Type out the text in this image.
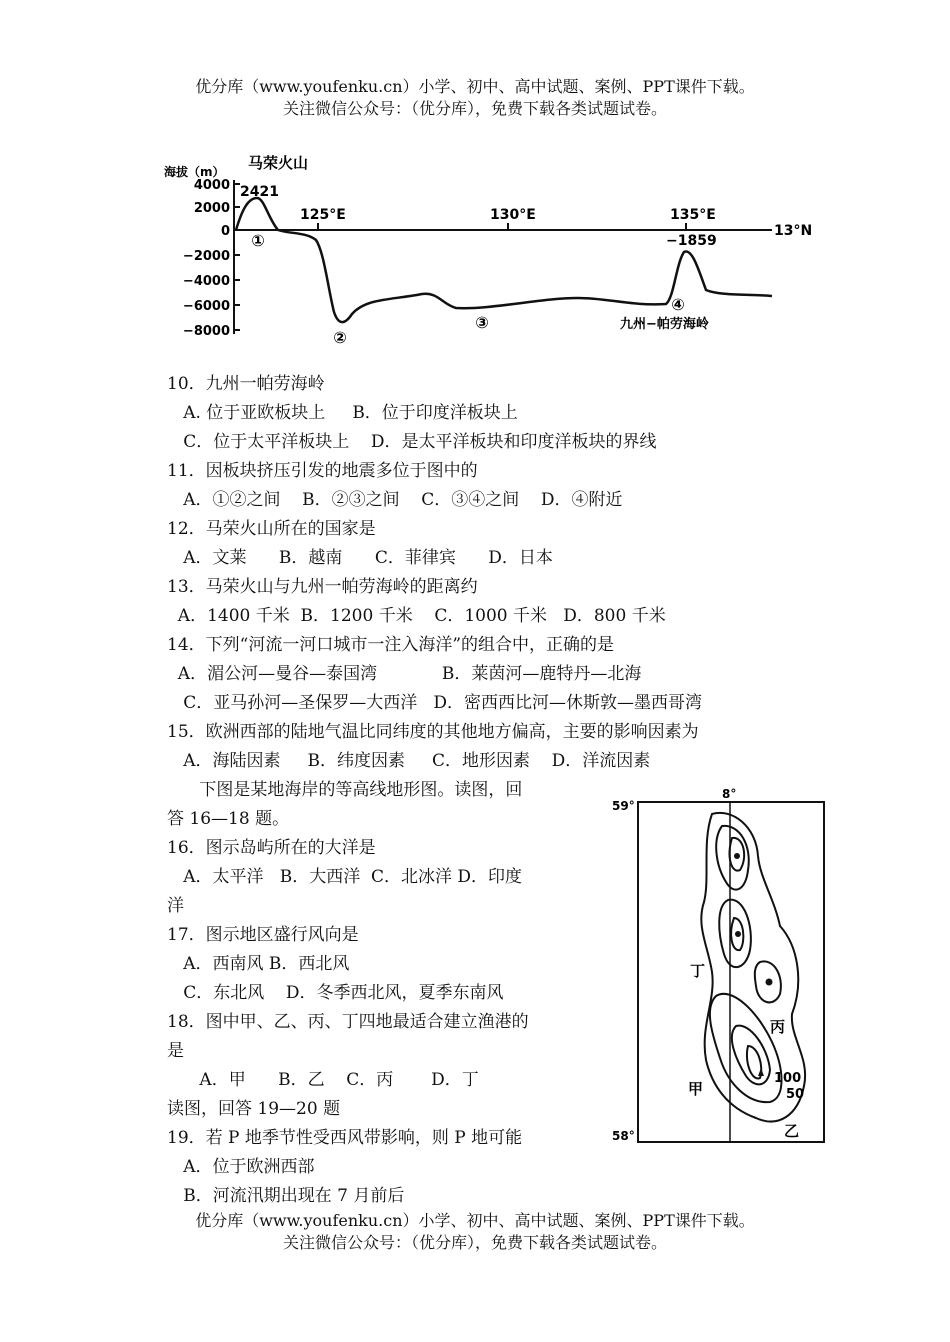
优分库（www.youfenku.cn）小学、初中、高中试题、案例、PPT课件下载。
关注微信公众号：（优分库），免费下载各类试题试卷。
马荣火山
海拔（m）
4000
2000
0
−2000
−4000
−6000
−8000
125°E	130°E	135°E
13°N
2421
−1859
①
②
③
④
九州−帕劳海岭
8°
59°
58°
100
50
甲
乙
丙
丁
10．九州一帕劳海岭
A. 位于亚欧板块上     B．位于印度洋板块上
C．位于太平洋板块上    D．是太平洋板块和印度洋板块的界线
11．因板块挤压引发的地震多位于图中的
A．①②之间    B．②③之间    C．③④之间    D．④附近
12．马荣火山所在的国家是
A．文莱      B．越南      C．菲律宾      D．日本
13．马荣火山与九州一帕劳海岭的距离约
A．1400 千米  B．1200 千米    C．1000 千米   D．800 千米
14．下列“河流一河口城市一注入海洋”的组合中，正确的是
A．湄公河—曼谷—泰国湾            B．莱茵河—鹿特丹—北海
C．亚马孙河—圣保罗—大西洋   D．密西西比河—休斯敦—墨西哥湾
15．欧洲西部的陆地气温比同纬度的其他地方偏高，主要的影响因素为
A．海陆因素     B．纬度因素     C．地形因素    D．洋流因素
下图是某地海岸的等高线地形图。读图，回
答 16—18 题。
16．图示岛屿所在的大洋是
A．太平洋   B．大西洋  C．北冰洋 D．印度
洋
17．图示地区盛行风向是
A．西南风 B．西北风
C．东北风    D．冬季西北风，夏季东南风
18．图中甲、乙、丙、丁四地最适合建立渔港的
是
A．甲      B．乙    C．丙       D．丁
读图，回答 19—20 题
19．若 P 地季节性受西风带影响，则 P 地可能
A．位于欧洲西部
B．河流汛期出现在 7 月前后
优分库（www.youfenku.cn）小学、初中、高中试题、案例、PPT课件下载。
关注微信公众号：（优分库），免费下载各类试题试卷。
